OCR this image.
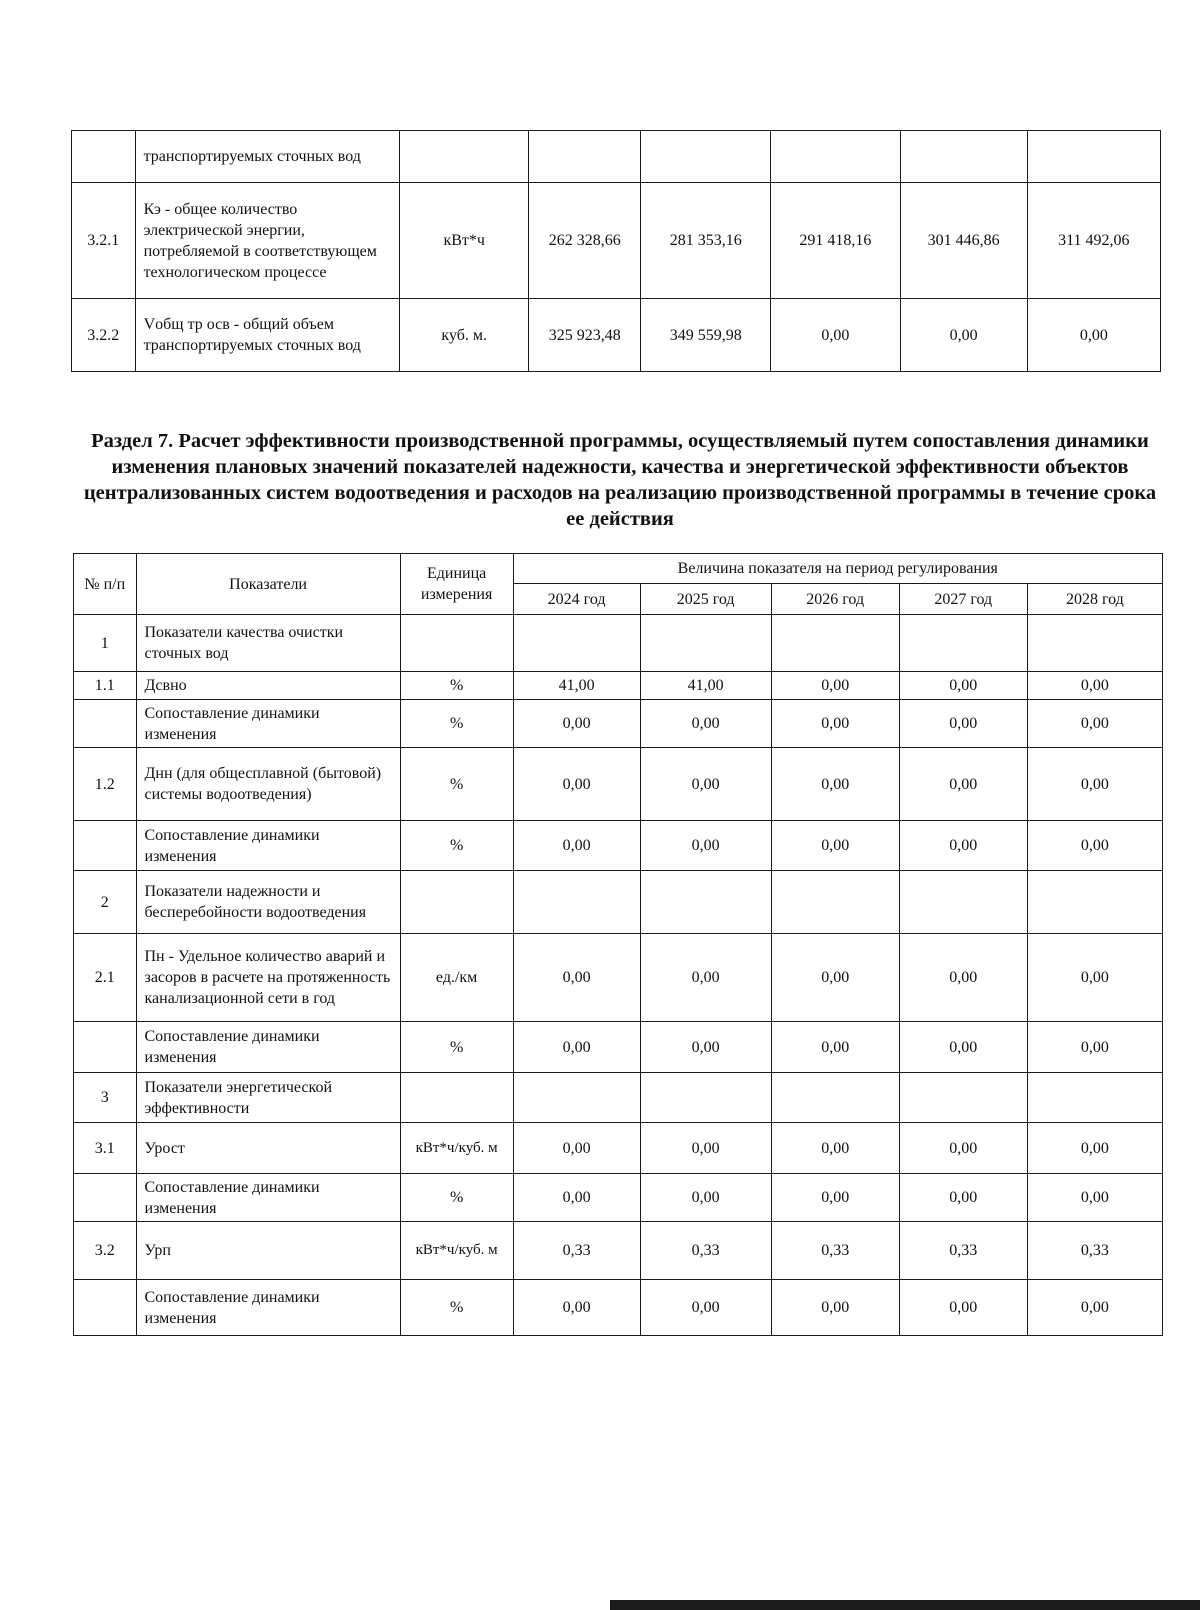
	транспортируемых сточных вод						
3.2.1	Кэ - общее количество электрической энергии, потребляемой в соответствующем технологическом процессе	кВт*ч	262 328,66	281 353,16	291 418,16	301 446,86	311 492,06
3.2.2	Vобщ тр осв - общий объем транспортируемых сточных вод	куб. м.	325 923,48	349 559,98	0,00	0,00	0,00
Раздел 7. Расчет эффективности производственной программы, осуществляемый путем сопоставления динамики изменения плановых значений показателей надежности, качества и энергетической эффективности объектов централизованных систем водоотведения и расходов на реализацию производственной программы в течение срока ее действия
№ п/п	Показатели	Единица измерения	Величина показателя на период регулирования				
			2024 год	2025 год	2026 год	2027 год	2028 год
1	Показатели качества очистки сточных вод						
1.1	Дсвно	%	41,00	41,00	0,00	0,00	0,00
	Сопоставление динамики изменения	%	0,00	0,00	0,00	0,00	0,00
1.2	Днн (для общесплавной (бытовой) системы водоотведения)	%	0,00	0,00	0,00	0,00	0,00
	Сопоставление динамики изменения	%	0,00	0,00	0,00	0,00	0,00
2	Показатели надежности и бесперебойности водоотведения						
2.1	Пн - Удельное количество аварий и засоров в расчете на протяженность канализационной сети в год	ед./км	0,00	0,00	0,00	0,00	0,00
	Сопоставление динамики изменения	%	0,00	0,00	0,00	0,00	0,00
3	Показатели энергетической эффективности						
3.1	Урост	кВт*ч/куб. м	0,00	0,00	0,00	0,00	0,00
	Сопоставление динамики изменения	%	0,00	0,00	0,00	0,00	0,00
3.2	Урп	кВт*ч/куб. м	0,33	0,33	0,33	0,33	0,33
	Сопоставление динамики изменения	%	0,00	0,00	0,00	0,00	0,00
